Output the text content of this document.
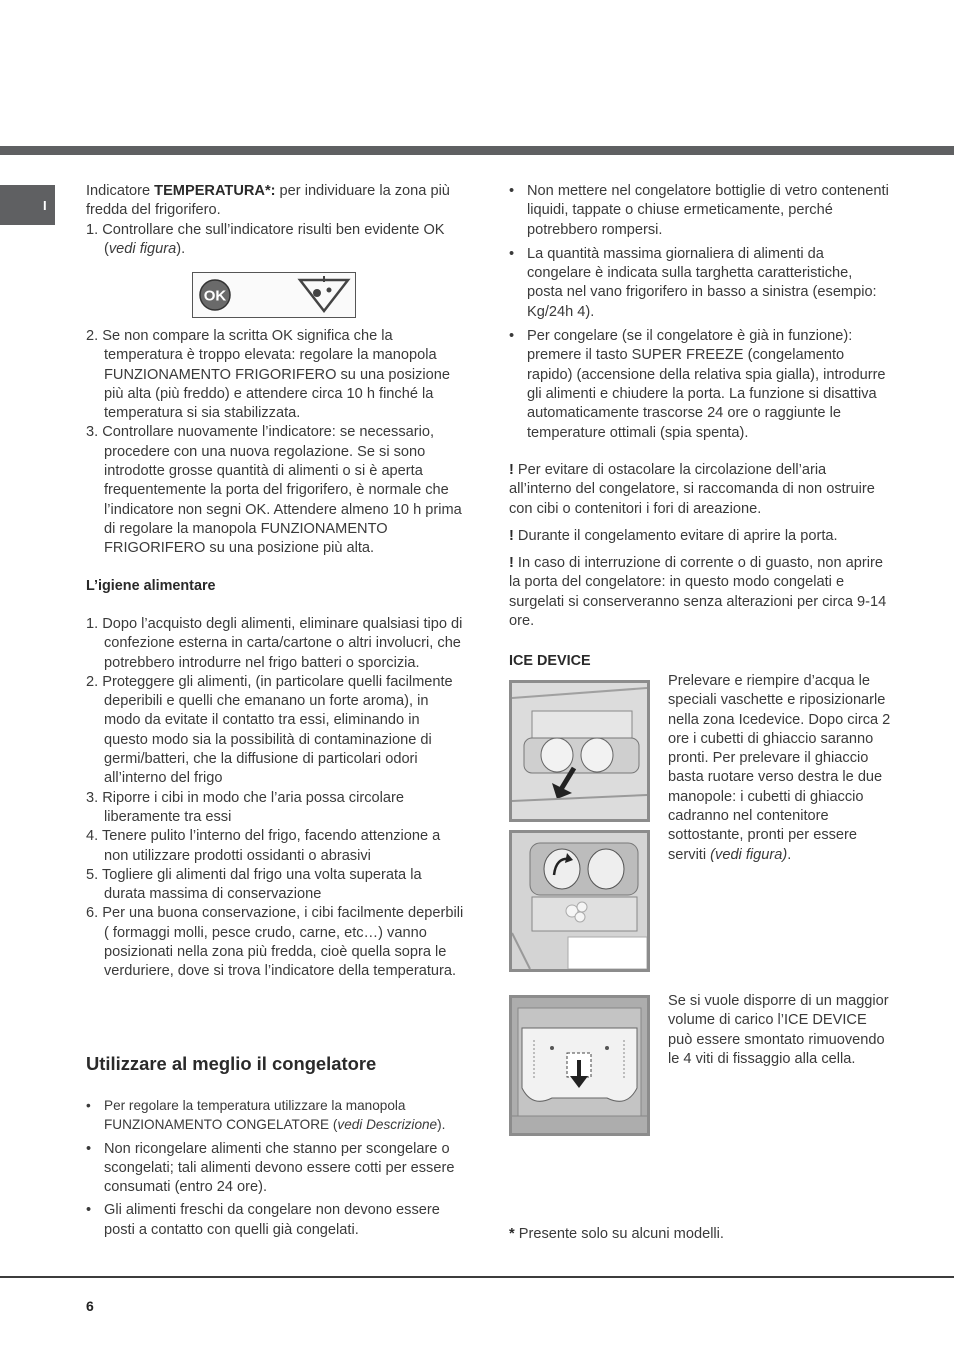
I

Indicatore TEMPERATURA*: per individuare la zona più fredda del frigorifero.

1. Controllare che sull’indicatore risulti ben evidente OK (vedi figura).

OK

2. Se non compare la scritta OK significa che la temperatura è troppo elevata: regolare la manopola FUNZIONAMENTO FRIGORIFERO su una posizione più alta (più freddo) e attendere circa 10 h finché la temperatura si sia stabilizzata.

3. Controllare nuovamente l’indicatore: se necessario, procedere con una nuova regolazione. Se si sono introdotte grosse quantità di alimenti o si è aperta frequentemente la porta del frigorifero, è normale che l’indicatore non segni OK. Attendere almeno 10 h prima di regolare la manopola FUNZIONAMENTO FRIGORIFERO su una posizione più alta.

L’igiene alimentare

1. Dopo l’acquisto degli alimenti, eliminare qualsiasi tipo di confezione esterna in carta/cartone o altri involucri, che potrebbero introdurre nel frigo batteri o sporcizia.

2. Proteggere gli alimenti, (in particolare quelli facilmente deperibili e quelli che emanano un forte aroma), in modo da evitate il contatto tra essi, eliminando in questo modo sia la possibilità di contaminazione di germi/batteri, che la diffusione di particolari odori all’interno del frigo

3. Riporre i cibi in modo che l’aria possa circolare liberamente tra essi

4. Tenere pulito l’interno del frigo, facendo attenzione a non utilizzare prodotti ossidanti o abrasivi

5. Togliere gli alimenti dal frigo una volta superata la durata massima di conservazione

6. Per una buona conservazione, i cibi facilmente deperbili ( formaggi molli, pesce crudo, carne, etc…) vanno posizionati nella zona più fredda, cioè quella sopra le verduriere, dove si trova l’indicatore della temperatura.

Utilizzare al meglio il congelatore

• Per regolare la temperatura utilizzare la manopola FUNZIONAMENTO CONGELATORE (vedi Descrizione).

• Non ricongelare alimenti che stanno per scongelare o scongelati; tali alimenti devono essere cotti per essere consumati (entro 24 ore).

• Gli alimenti freschi da congelare non devono essere posti a contatto con quelli già congelati.

• Non mettere nel congelatore bottiglie di vetro contenenti liquidi, tappate o chiuse ermeticamente, perché potrebbero rompersi.

• La quantità massima giornaliera di alimenti da congelare è indicata sulla targhetta caratteristiche, posta nel vano frigorifero in basso a sinistra (esempio: Kg/24h 4).

• Per congelare (se il congelatore è già in funzione): premere il tasto SUPER FREEZE (congelamento rapido) (accensione della relativa spia gialla), introdurre gli alimenti e chiudere la porta. La funzione si disattiva automaticamente trascorse 24 ore o raggiunte le temperature ottimali (spia spenta).

! Per evitare di ostacolare la circolazione dell’aria all’interno del congelatore, si raccomanda di non ostruire con cibi o contenitori i fori di areazione.

! Durante il congelamento evitare di aprire la porta.

! In caso di interruzione di corrente o di guasto, non aprire la porta del congelatore: in questo modo congelati e surgelati si conserveranno senza alterazioni per circa 9-14 ore.

ICE DEVICE

Prelevare e riempire d’acqua le speciali vaschette e riposizionarle nella zona Icedevice. Dopo circa 2 ore i cubetti di ghiaccio saranno pronti. Per prelevare il ghiaccio basta ruotare verso destra le due manopole: i cubetti di ghiaccio cadranno nel contenitore sottostante, pronti per essere serviti (vedi figura).

Se si vuole disporre di un maggior volume di carico l’ICE DEVICE può essere smontato rimuovendo le 4 viti di fissaggio alla cella.

* Presente solo su alcuni modelli.

6
